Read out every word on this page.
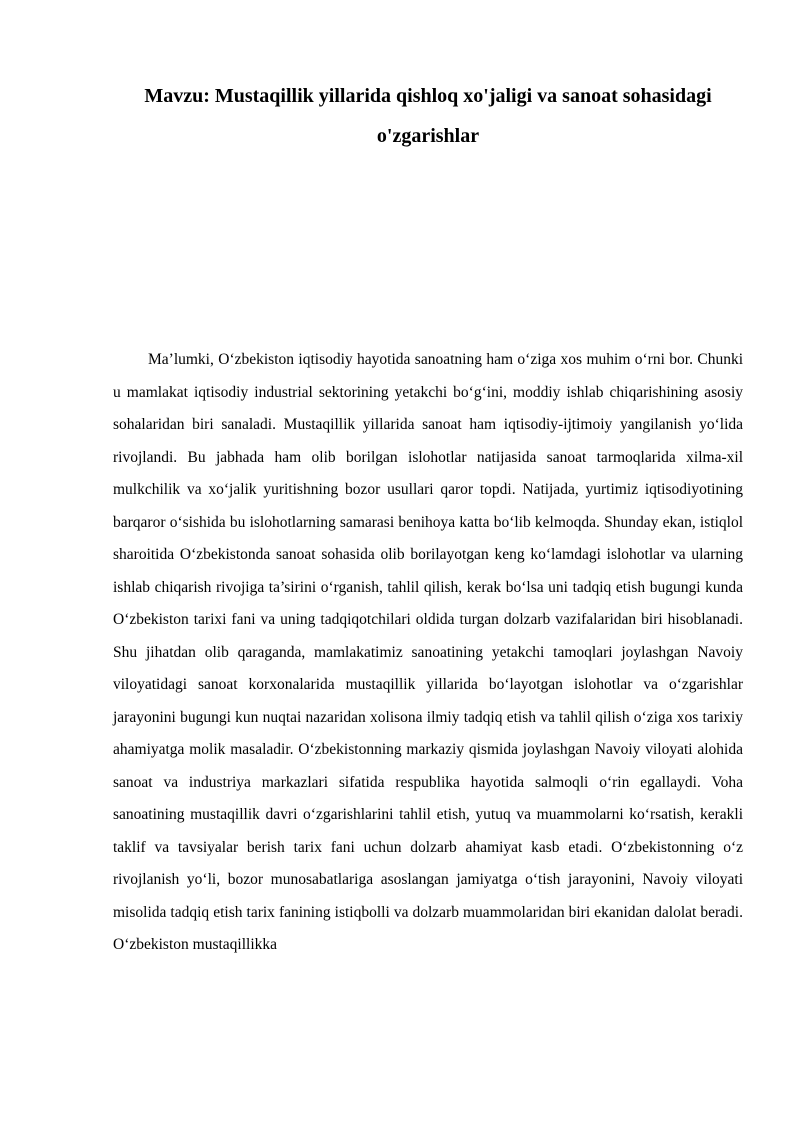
Mavzu: Mustaqillik yillarida qishloq xo'jaligi va sanoat sohasidagi o'zgarishlar

Ma’lumki, Oʻzbekiston iqtisodiy hayotida sanoatning ham oʻziga xos muhim oʻrni bor. Chunki u mamlakat iqtisodiy industrial sektorining yetakchi boʻgʻini, moddiy ishlab chiqarishining asosiy sohalaridan biri sanaladi. Mustaqillik yillarida sanoat ham iqtisodiy-ijtimoiy yangilanish yoʻlida rivojlandi. Bu jabhada ham olib borilgan islohotlar natijasida sanoat tarmoqlarida xilma-xil mulkchilik va xoʻjalik yuritishning bozor usullari qaror topdi. Natijada, yurtimiz iqtisodiyotining barqaror oʻsishida bu islohotlarning samarasi benihoya katta boʻlib kelmoqda. Shunday ekan, istiqlol sharoitida Oʻzbekistonda sanoat sohasida olib borilayotgan keng koʻlamdagi islohotlar va ularning ishlab chiqarish rivojiga ta’sirini oʻrganish, tahlil qilish, kerak boʻlsa uni tadqiq etish bugungi kunda Oʻzbekiston tarixi fani va uning tadqiqotchilari oldida turgan dolzarb vazifalaridan biri hisoblanadi. Shu jihatdan olib qaraganda, mamlakatimiz sanoatining yetakchi tamoqlari joylashgan Navoiy viloyatidagi sanoat korxonalarida mustaqillik yillarida boʻlayotgan islohotlar va oʻzgarishlar jarayonini bugungi kun nuqtai nazaridan xolisona ilmiy tadqiq etish va tahlil qilish oʻziga xos tarixiy ahamiyatga molik masaladir. Oʻzbekistonning markaziy qismida joylashgan Navoiy viloyati alohida sanoat va industriya markazlari sifatida respublika hayotida salmoqli oʻrin egallaydi. Voha sanoatining mustaqillik davri oʻzgarishlarini tahlil etish, yutuq va muammolarni koʻrsatish, kerakli taklif va tavsiyalar berish tarix fani uchun dolzarb ahamiyat kasb etadi. Oʻzbekistonning oʻz rivojlanish yoʻli, bozor munosabatlariga asoslangan jamiyatga oʻtish jarayonini, Navoiy viloyati misolida tadqiq etish tarix fanining istiqbolli va dolzarb muammolaridan biri ekanidan dalolat beradi. Oʻzbekiston mustaqillikka
